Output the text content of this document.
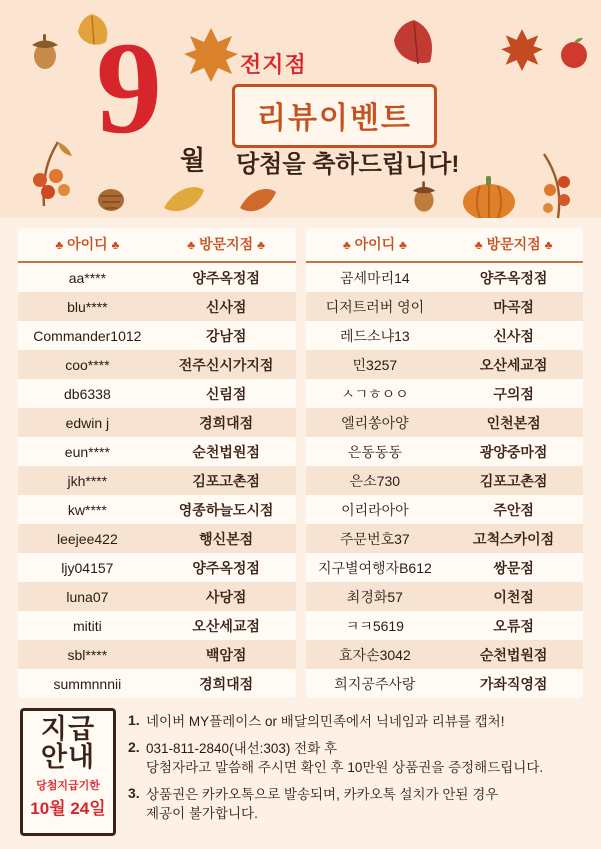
9 월
전지점
리뷰이벤트
당첨을 축하드립니다!
♣ 아이디 ♣	♣ 방문지점 ♣
aa****	양주옥정점
blu****	신사점
Commander1012	강남점
coo****	전주신시가지점
db6338	신림점
edwin j	경희대점
eun****	순천법원점
jkh****	김포고촌점
kw****	영종하늘도시점
leejee422	행신본점
ljy04157	양주옥정점
luna07	사당점
mititi	오산세교점
sbl****	백암점
summnnnii	경희대점
♣ 아이디 ♣	♣ 방문지점 ♣
곰세마리14	양주옥정점
디저트러버 영이	마곡점
레드소냐13	신사점
민3257	오산세교점
ㅅㄱㅎㅇㅇ	구의점
엘리쏭아양	인천본점
은동동동	광양중마점
은소730	김포고촌점
이리라아아	주안점
주문번호37	고척스카이점
지구별여행자B612	쌍문점
최경화57	이천점
ㅋㅋ5619	오류점
효자손3042	순천법원점
희지공주사랑	가좌직영점
지급
안내
당첨지급기한
10월 24일
1. 네이버 MY플레이스 or 배달의민족에서 닉네임과 리뷰를 캡처!
2. 031-811-2840(내선:303) 전화 후
당첨자라고 말씀해 주시면 확인 후 10만원 상품권을 증정해드립니다.
3. 상품권은 카카오톡으로 발송되며, 카카오톡 설치가 안된 경우
제공이 불가합니다.
